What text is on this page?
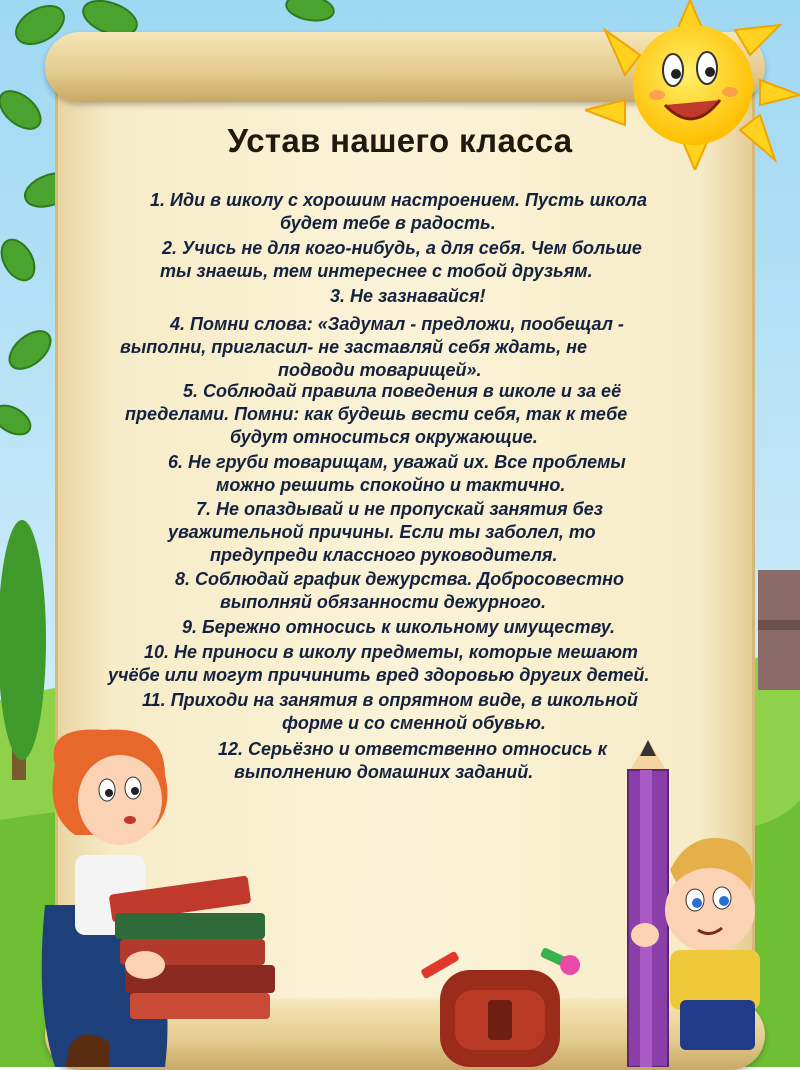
Устав нашего класса
1. Иди в школу с хорошим настроением. Пусть школа
будет тебе в радость.
2. Учись не для кого-нибудь, а для себя. Чем больше
ты знаешь, тем интереснее с тобой друзьям.
3. Не зазнавайся!
4. Помни слова: «Задумал - предложи, пообещал -
выполни, пригласил- не заставляй себя ждать, не
подводи товарищей».
5. Соблюдай правила поведения в школе и за её
пределами. Помни: как будешь вести себя, так к тебе
будут относиться окружающие.
6. Не груби товарищам, уважай их. Все проблемы
можно решить спокойно и тактично.
7. Не опаздывай и не пропускай занятия без
уважительной причины. Если ты заболел, то
предупреди классного руководителя.
8. Соблюдай график дежурства. Добросовестно
выполняй обязанности дежурного.
9. Бережно относись к школьному имуществу.
10. Не приноси в школу предметы, которые мешают
учёбе или могут причинить вред здоровью других детей.
11. Приходи на занятия в опрятном виде, в школьной
форме и со сменной обувью.
12. Серьёзно и ответственно относись к
выполнению домашних заданий.
